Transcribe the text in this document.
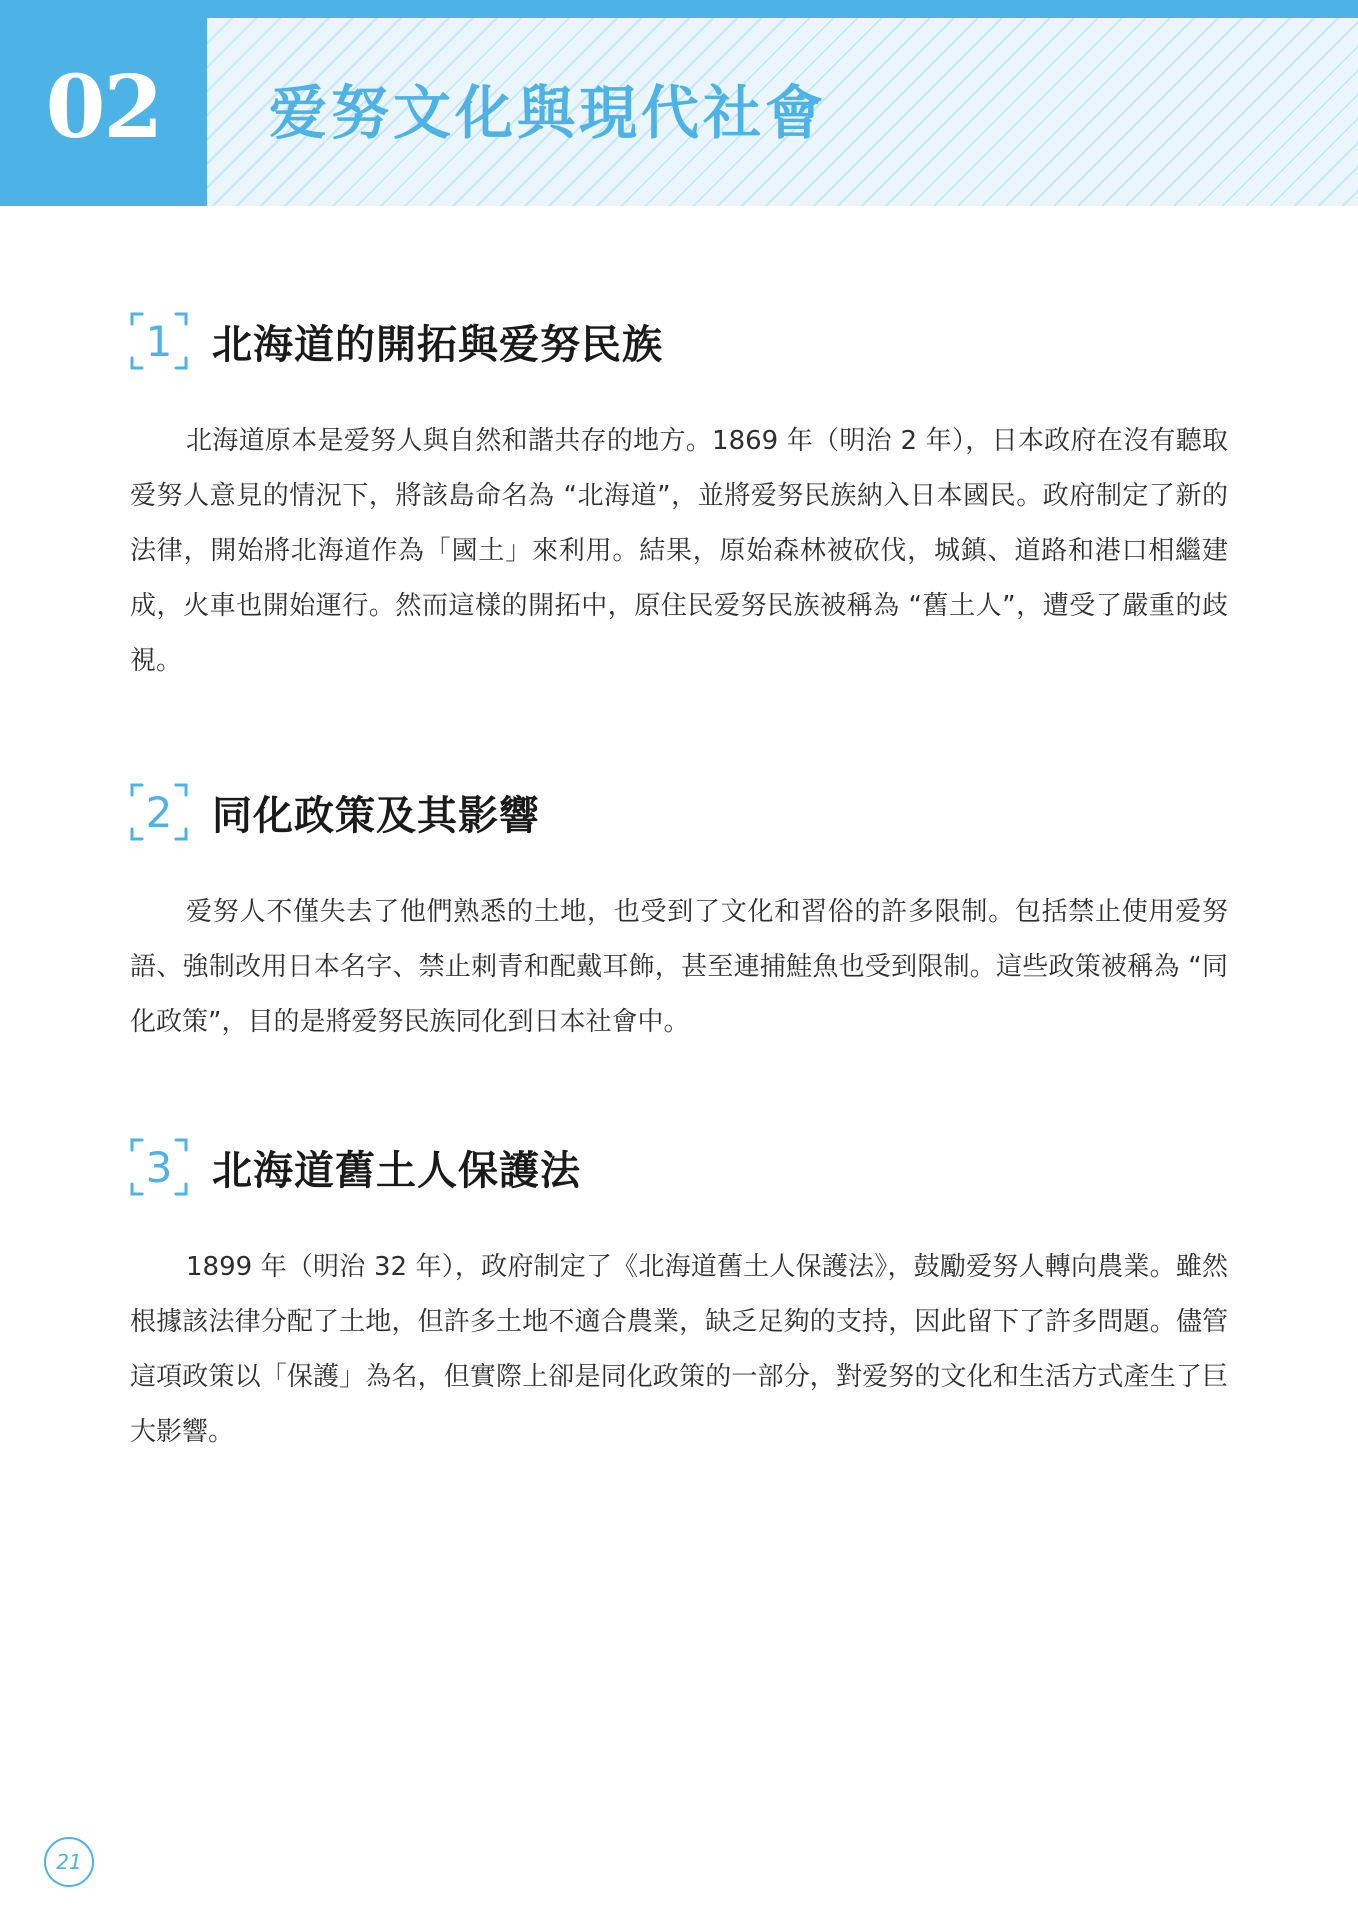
02 爱努文化與現代社會
1 北海道的開拓與爱努民族

北海道原本是爱努人與自然和諧共存的地方。1869 年（明治 2 年），日本政府在沒有聽取爱努人意見的情況下，將該島命名為 “北海道”，並將爱努民族納入日本國民。政府制定了新的法律，開始將北海道作為「國土」來利用。結果，原始森林被砍伐，城鎮、道路和港口相繼建成，火車也開始運行。然而這樣的開拓中，原住民爱努民族被稱為 “舊土人”，遭受了嚴重的歧視。

2 同化政策及其影響

爱努人不僅失去了他們熟悉的土地，也受到了文化和習俗的許多限制。包括禁止使用爱努語、強制改用日本名字、禁止刺青和配戴耳飾，甚至連捕鮭魚也受到限制。這些政策被稱為 “同化政策”，目的是將爱努民族同化到日本社會中。

3 北海道舊土人保護法

1899 年（明治 32 年），政府制定了《北海道舊土人保護法》，鼓勵爱努人轉向農業。雖然根據該法律分配了土地，但許多土地不適合農業，缺乏足夠的支持，因此留下了許多問題。儘管這項政策以「保護」為名，但實際上卻是同化政策的一部分，對爱努的文化和生活方式產生了巨大影響。

21
